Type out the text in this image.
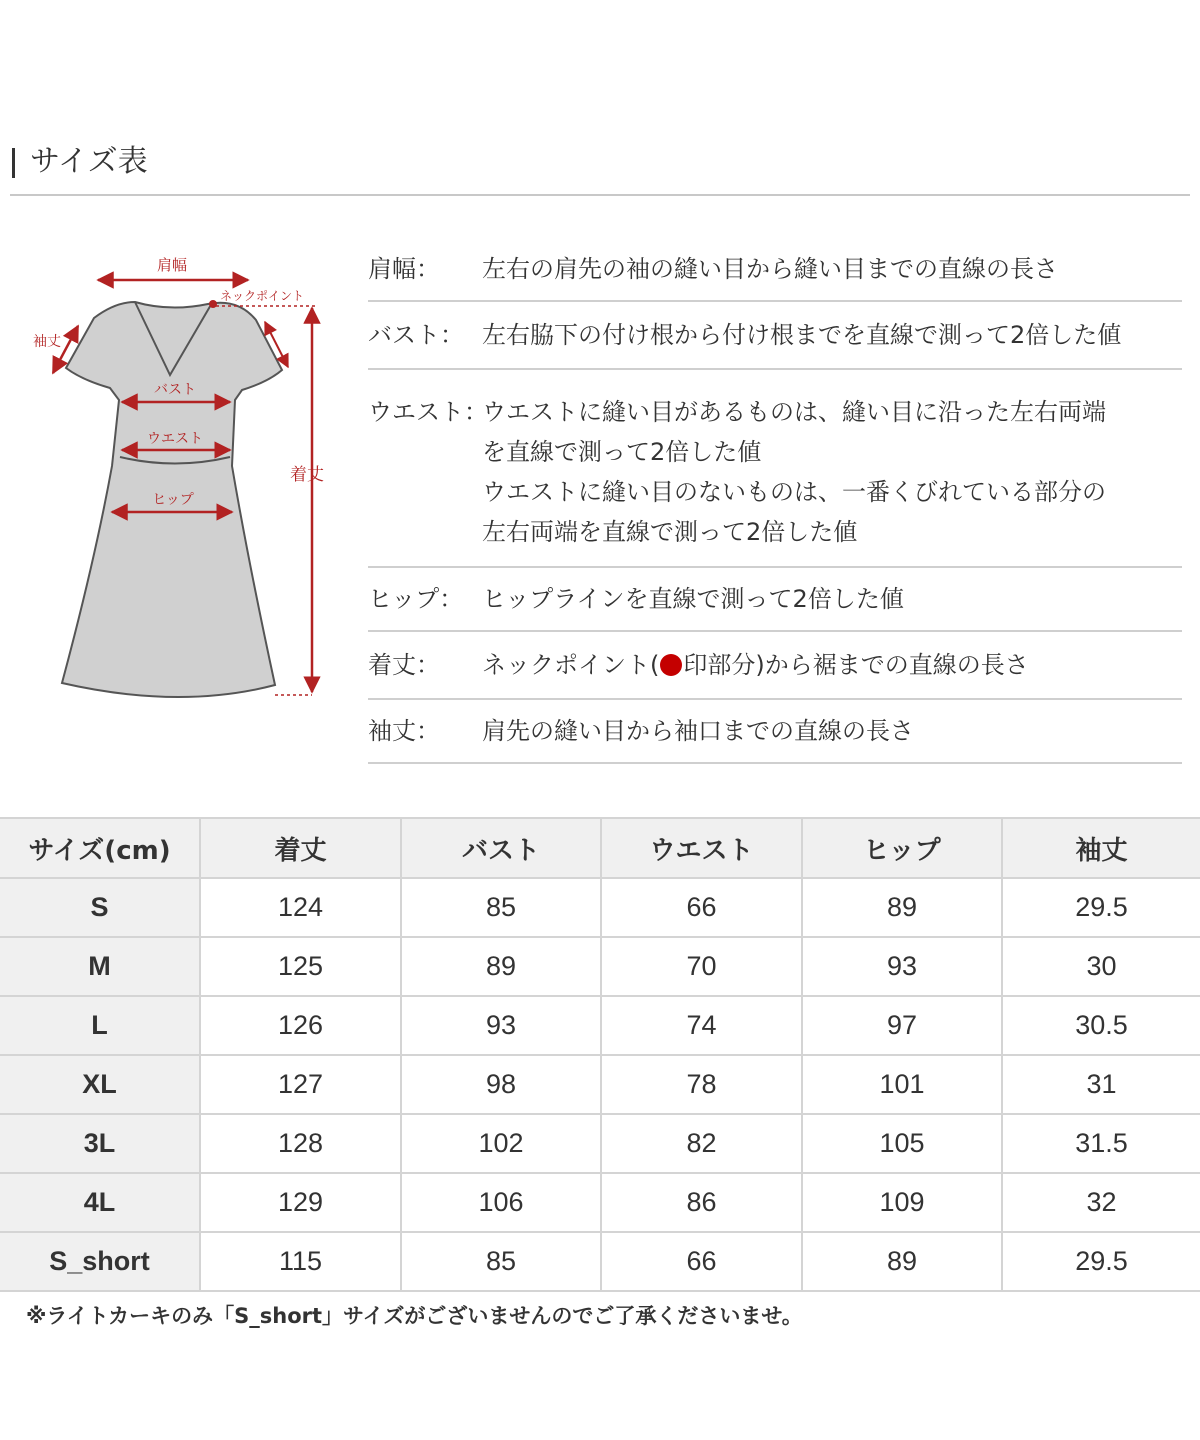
サイズ表
肩幅
ネックポイント
着丈
袖丈
バスト
ウエスト
ヒップ
肩幅：	左右の肩先の袖の縫い目から縫い目までの直線の長さ
バスト： 左右脇下の付け根から付け根までを直線で測って2倍した値
ウエスト：
ウエストに縫い目があるものは、縫い目に沿った左右両端
を直線で測って2倍した値
ウエストに縫い目のないものは、一番くびれている部分の
左右両端を直線で測って2倍した値
ヒップ： ヒップラインを直線で測って2倍した値
着丈：	ネックポイント( 印部分)から裾までの直線の長さ
袖丈：	肩先の縫い目から袖口までの直線の長さ
サイズ(cm)	着丈	バスト	ウエスト	ヒップ	袖丈
S	124	85	66	89	29.5
M	125	89	70	93	30
L	126	93	74	97	30.5
XL	127	98	78	101	31
3L	128	102	82	105	31.5
4L	129	106	86	109	32
S_short	115	85	66	89	29.5
※ライトカーキのみ「S_short」サイズがございませんのでご了承くださいませ。
